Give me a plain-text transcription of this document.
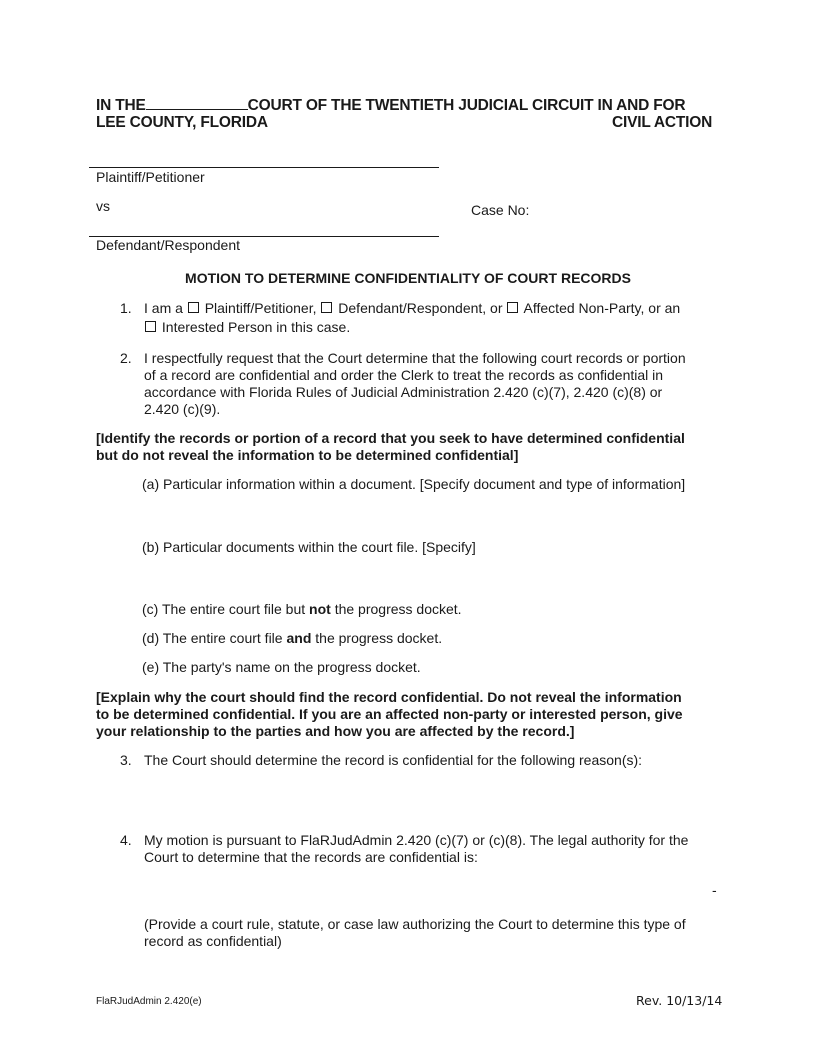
IN THE	COURT OF THE TWENTIETH JUDICIAL CIRCUIT IN AND FOR
LEE COUNTY, FLORIDA	CIVIL ACTION
Plaintiff/Petitioner
vs	Case No:
Defendant/Respondent
MOTION TO DETERMINE CONFIDENTIALITY OF COURT RECORDS
1. I am a Plaintiff/Petitioner, Defendant/Respondent, or Affected Non-Party, or an
Interested Person in this case.
2. I respectfully request that the Court determine that the following court records or portion
of a record are confidential and order the Clerk to treat the records as confidential in
accordance with Florida Rules of Judicial Administration 2.420 (c)(7), 2.420 (c)(8) or
2.420 (c)(9).
[Identify the records or portion of a record that you seek to have determined confidential
but do not reveal the information to be determined confidential]
(a) Particular information within a document. [Specify document and type of information]
(b) Particular documents within the court file. [Specify]
(c) The entire court file but not the progress docket.
(d) The entire court file and the progress docket.
(e) The party's name on the progress docket.
[Explain why the court should find the record confidential. Do not reveal the information
to be determined confidential. If you are an affected non-party or interested person, give
your relationship to the parties and how you are affected by the record.]
3. The Court should determine the record is confidential for the following reason(s):
4. My motion is pursuant to FlaRJudAdmin 2.420 (c)(7) or (c)(8). The legal authority for the
Court to determine that the records are confidential is:
-
(Provide a court rule, statute, or case law authorizing the Court to determine this type of
record as confidential)
FlaRJudAdmin 2.420(e)	Rev. 10/13/14
